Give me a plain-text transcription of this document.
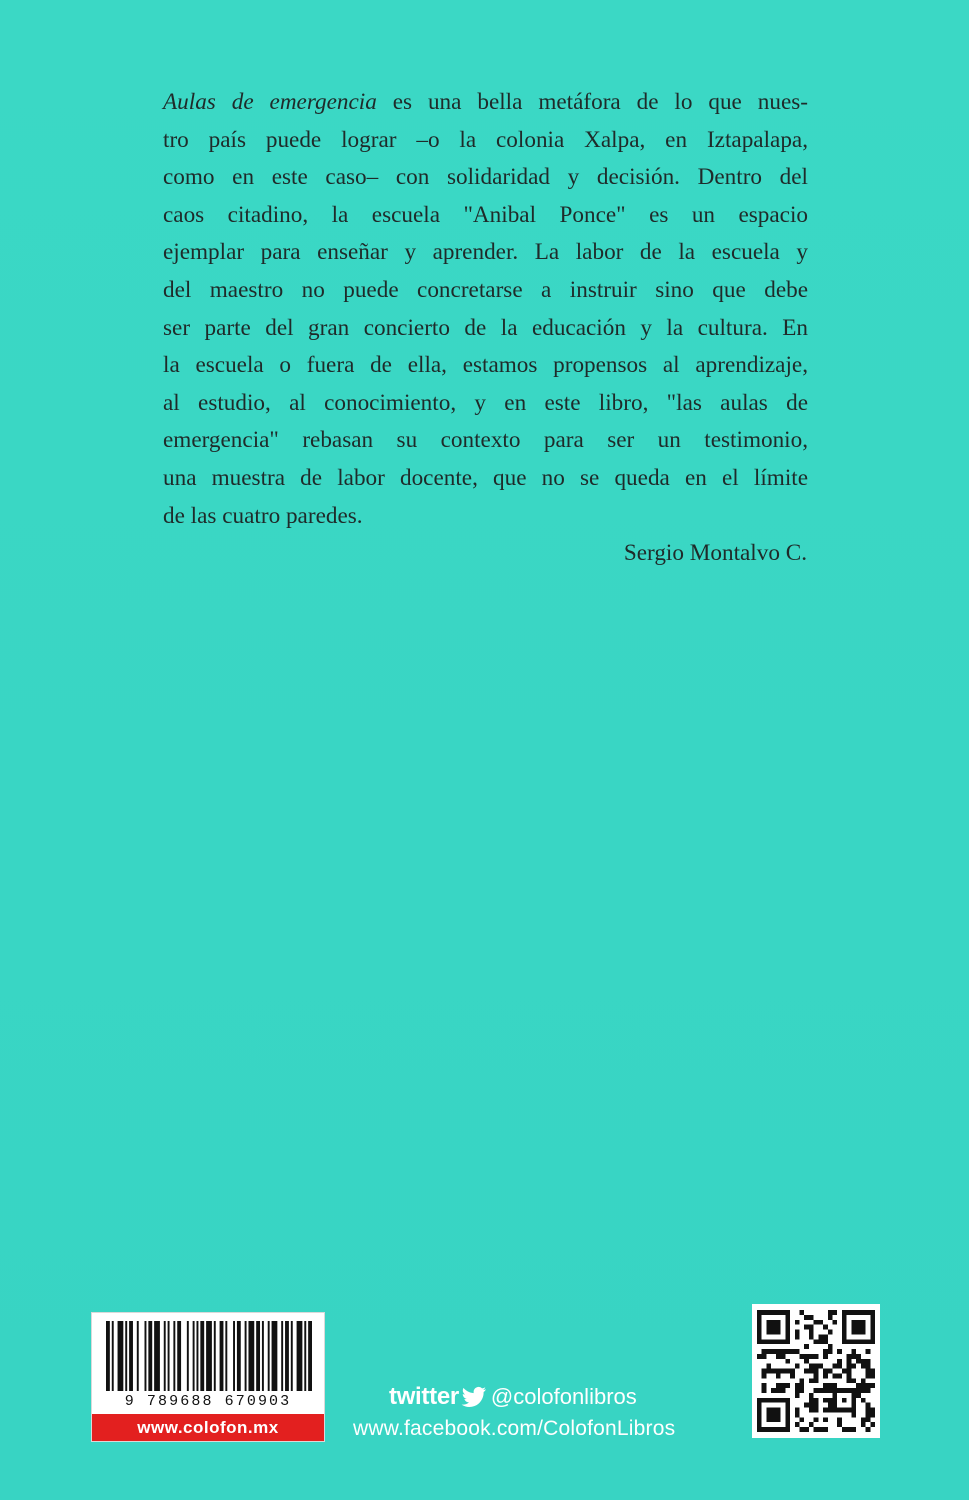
Aulas de emergencia es una bella metáfora de lo que nues-
tro país puede lograr –o la colonia Xalpa, en Iztapalapa,
como en este caso– con solidaridad y decisión. Dentro del
caos citadino, la escuela "Anibal Ponce" es un espacio
ejemplar para enseñar y aprender. La labor de la escuela y
del maestro no puede concretarse a instruir sino que debe
ser parte del gran concierto de la educación y la cultura. En
la escuela o fuera de ella, estamos propensos al aprendizaje,
al estudio, al conocimiento, y en este libro, "las aulas de
emergencia" rebasan su contexto para ser un testimonio,
una muestra de labor docente, que no se queda en el límite
de las cuatro paredes.
Sergio Montalvo C.
9 789688 670903
www.colofon.mx
twitter @colofonlibros
www.facebook.com/ColofonLibros
